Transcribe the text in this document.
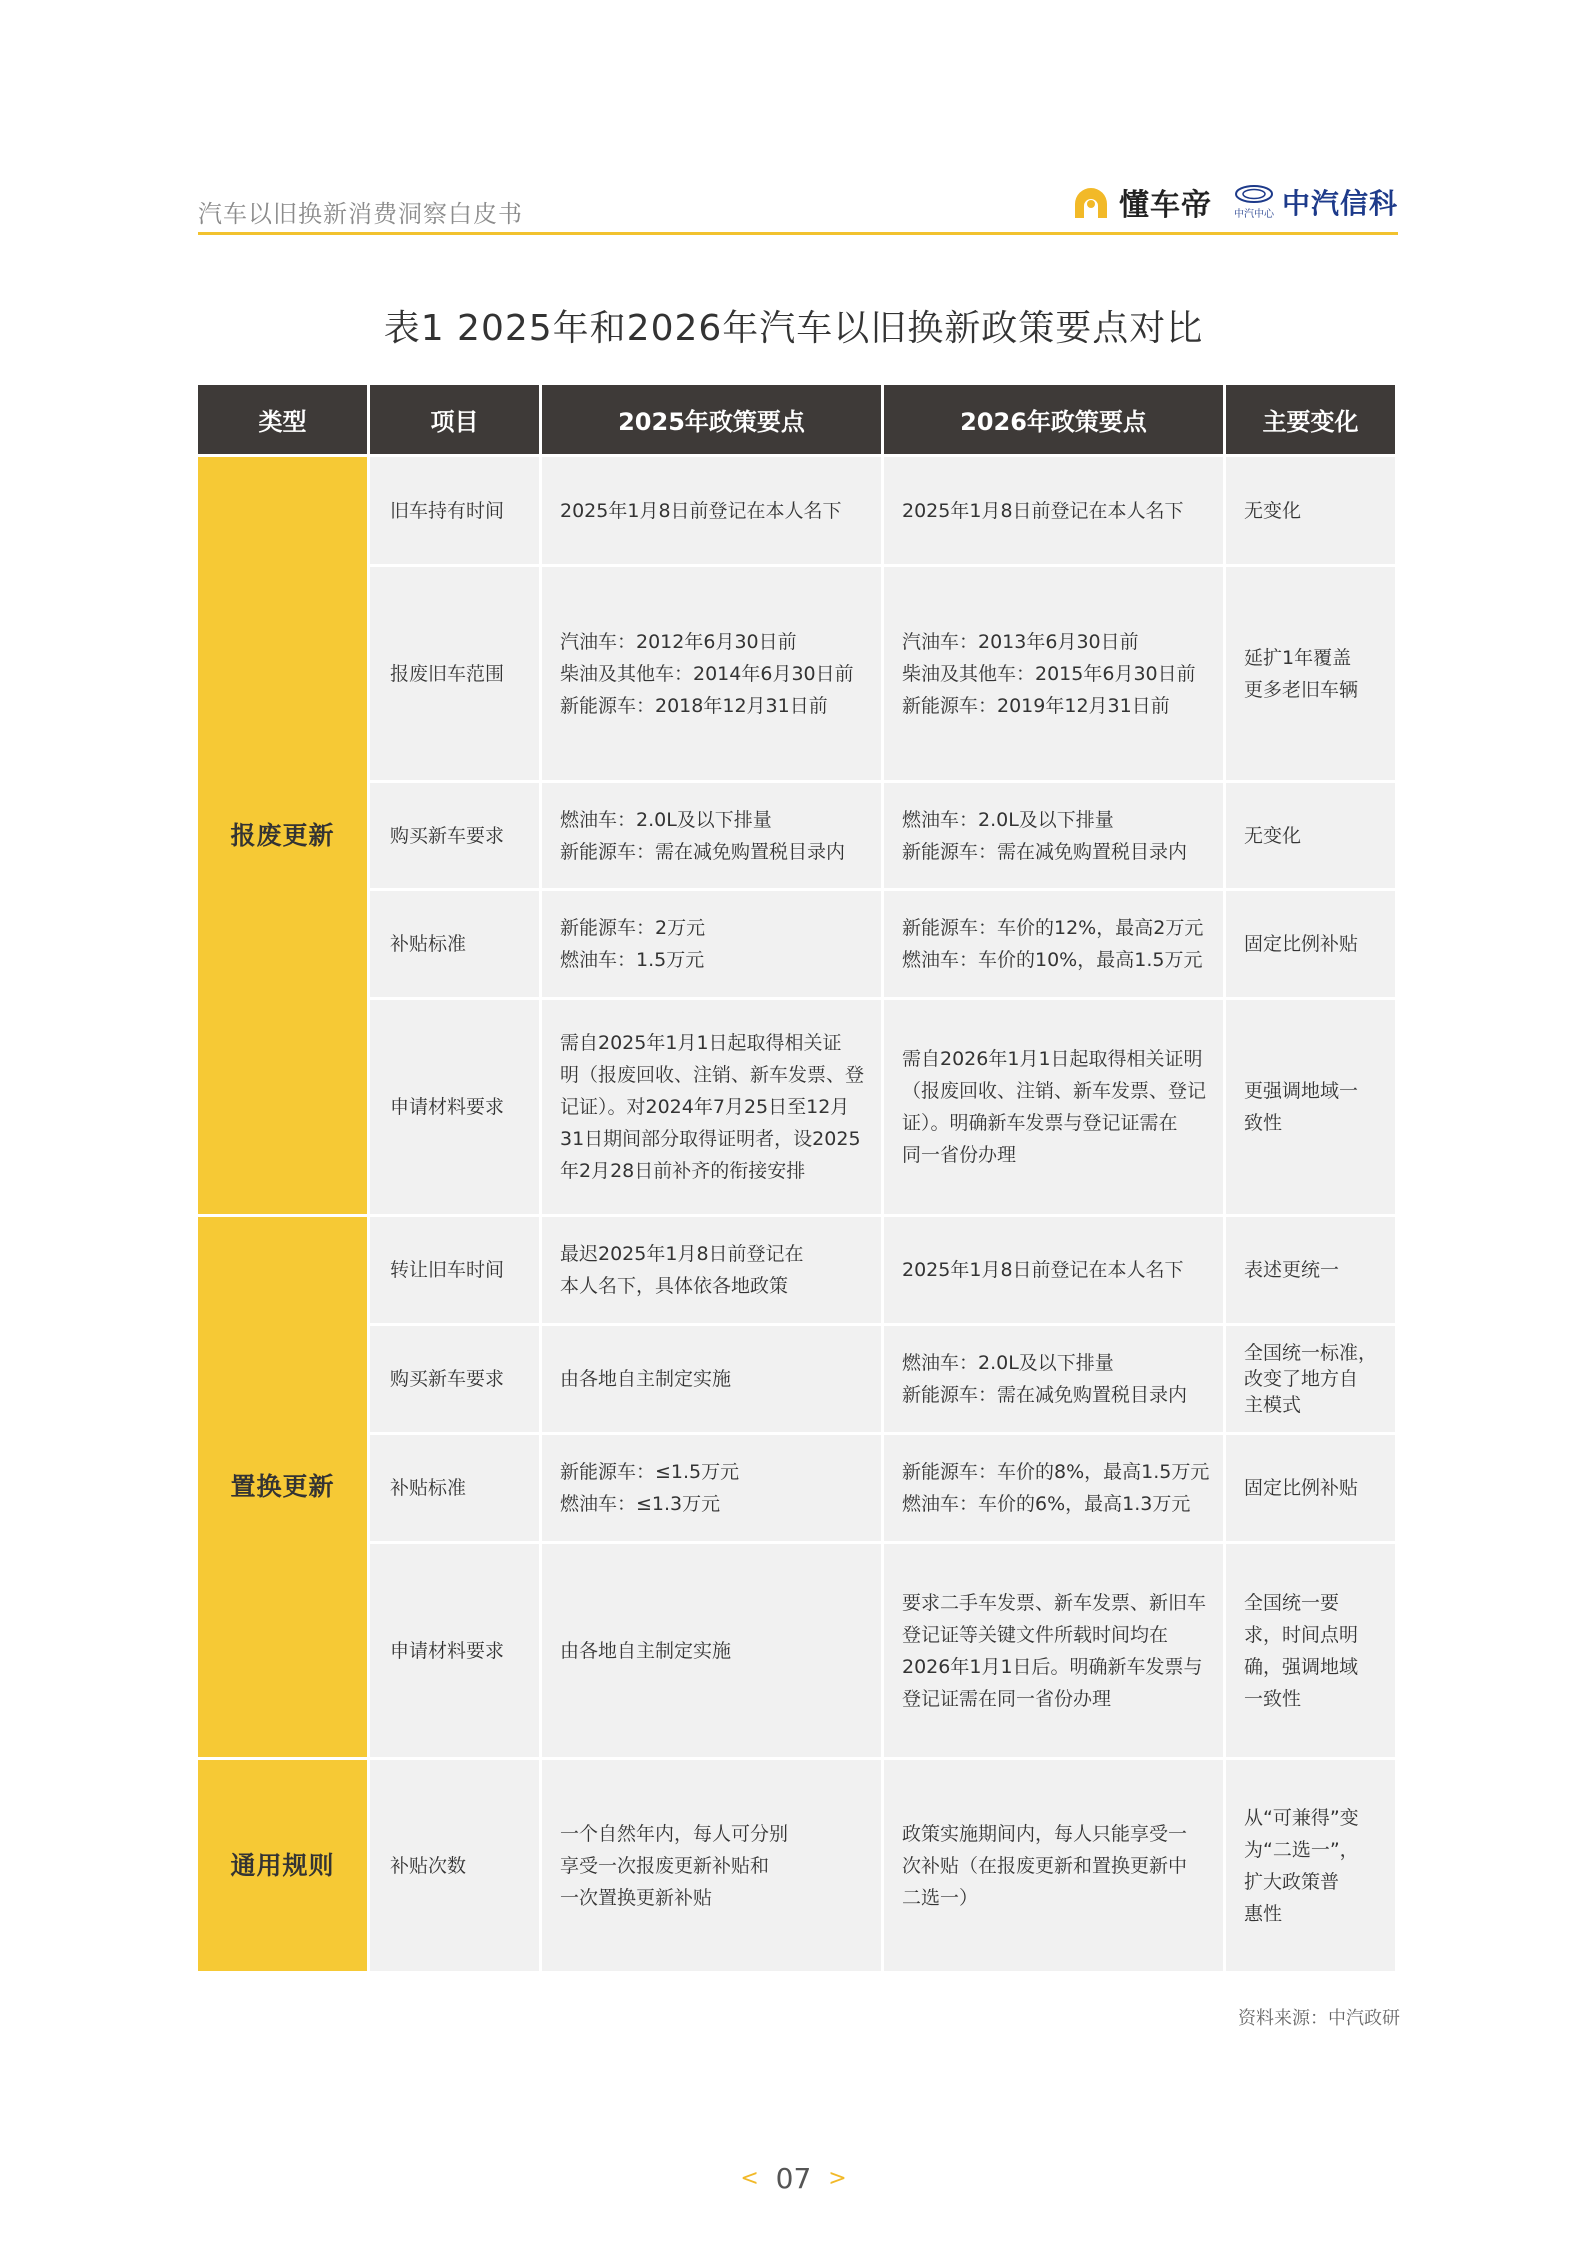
汽车以旧换新消费洞察白皮书	懂车帝 中汽中心 中汽信科
表1 2025年和2026年汽车以旧换新政策要点对比
类型	项目	2025年政策要点	2026年政策要点	主要变化
报废更新	旧车持有时间	2025年1月8日前登记在本人名下	2025年1月8日前登记在本人名下	无变化

	报废旧车范围	汽油车：2012年6月30日前
柴油及其他车：2014年6月30日前
新能源车：2018年12月31日前	汽油车：2013年6月30日前
柴油及其他车：2015年6月30日前
新能源车：2019年12月31日前	延扩1年覆盖
更多老旧车辆

	购买新车要求	燃油车：2.0L及以下排量
新能源车：需在减免购置税目录内	燃油车：2.0L及以下排量
新能源车：需在减免购置税目录内	无变化

	补贴标准	新能源车：2万元
燃油车：1.5万元	新能源车：车价的12%，最高2万元
燃油车：车价的10%，最高1.5万元	固定比例补贴

	申请材料要求	需自2025年1月1日起取得相关证
明（报废回收、注销、新车发票、登
记证）。对2024年7月25日至12月
31日期间部分取得证明者，设2025
年2月28日前补齐的衔接安排	需自2026年1月1日起取得相关证明
（报废回收、注销、新车发票、登记
证）。明确新车发票与登记证需在
同一省份办理	更强调地域一
致性

置换更新	转让旧车时间	最迟2025年1月8日前登记在
本人名下，具体依各地政策	2025年1月8日前登记在本人名下	表述更统一

	购买新车要求	由各地自主制定实施	燃油车：2.0L及以下排量
新能源车：需在减免购置税目录内	全国统一标准，
改变了地方自
主模式

	补贴标准	新能源车：≤1.5万元
燃油车：≤1.3万元	新能源车：车价的8%，最高1.5万元
燃油车：车价的6%，最高1.3万元	固定比例补贴

	申请材料要求	由各地自主制定实施	要求二手车发票、新车发票、新旧车
登记证等关键文件所载时间均在
2026年1月1日后。明确新车发票与
登记证需在同一省份办理	全国统一要
求，时间点明
确，强调地域
一致性

通用规则	补贴次数	一个自然年内，每人可分别
享受一次报废更新补贴和
一次置换更新补贴	政策实施期间内，每人只能享受一
次补贴（在报废更新和置换更新中
二选一）	从“可兼得”变
为“二选一”，
扩大政策普
惠性
资料来源：中汽政研
< 07 >
